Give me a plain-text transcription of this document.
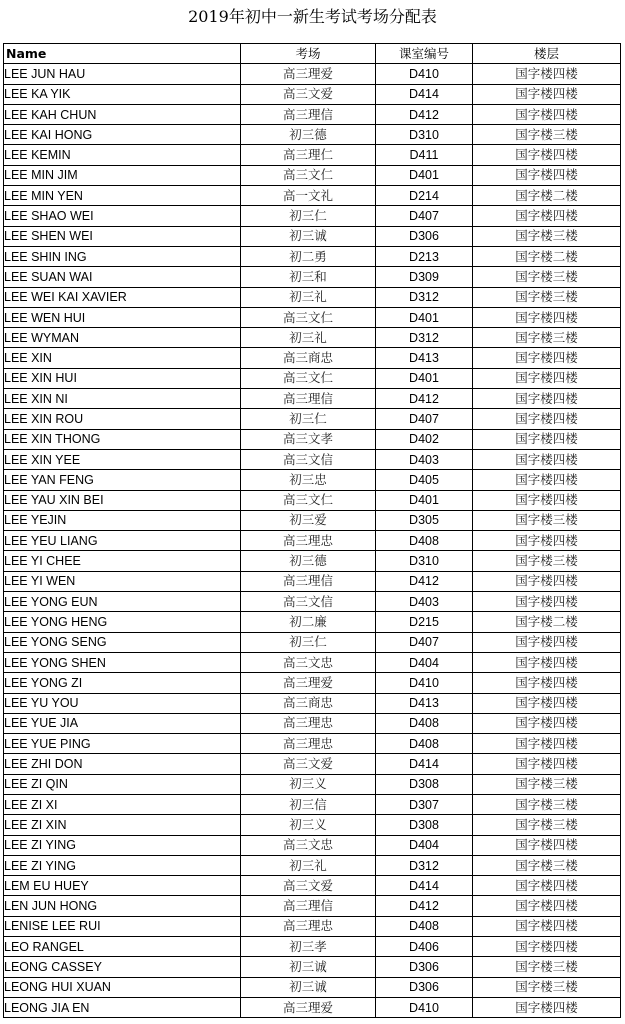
2019年初中一新生考试考场分配表
Name	考场	课室编号	楼层
LEE JUN HAU	高三理爱	D410	国字楼四楼
LEE KA YIK	高三文爱	D414	国字楼四楼
LEE KAH CHUN	高三理信	D412	国字楼四楼
LEE KAI HONG	初三德	D310	国字楼三楼
LEE KEMIN	高三理仁	D411	国字楼四楼
LEE MIN JIM	高三文仁	D401	国字楼四楼
LEE MIN YEN	高一文礼	D214	国字楼二楼
LEE SHAO WEI	初三仁	D407	国字楼四楼
LEE SHEN WEI	初三诚	D306	国字楼三楼
LEE SHIN ING	初二勇	D213	国字楼二楼
LEE SUAN WAI	初三和	D309	国字楼三楼
LEE WEI KAI XAVIER	初三礼	D312	国字楼三楼
LEE WEN HUI	高三文仁	D401	国字楼四楼
LEE WYMAN	初三礼	D312	国字楼三楼
LEE XIN	高三商忠	D413	国字楼四楼
LEE XIN HUI	高三文仁	D401	国字楼四楼
LEE XIN NI	高三理信	D412	国字楼四楼
LEE XIN ROU	初三仁	D407	国字楼四楼
LEE XIN THONG	高三文孝	D402	国字楼四楼
LEE XIN YEE	高三文信	D403	国字楼四楼
LEE YAN FENG	初三忠	D405	国字楼四楼
LEE YAU XIN BEI	高三文仁	D401	国字楼四楼
LEE YEJIN	初三爱	D305	国字楼三楼
LEE YEU LIANG	高三理忠	D408	国字楼四楼
LEE YI CHEE	初三德	D310	国字楼三楼
LEE YI WEN	高三理信	D412	国字楼四楼
LEE YONG EUN	高三文信	D403	国字楼四楼
LEE YONG HENG	初二廉	D215	国字楼二楼
LEE YONG SENG	初三仁	D407	国字楼四楼
LEE YONG SHEN	高三文忠	D404	国字楼四楼
LEE YONG ZI	高三理爱	D410	国字楼四楼
LEE YU YOU	高三商忠	D413	国字楼四楼
LEE YUE JIA	高三理忠	D408	国字楼四楼
LEE YUE PING	高三理忠	D408	国字楼四楼
LEE ZHI DON	高三文爱	D414	国字楼四楼
LEE ZI QIN	初三义	D308	国字楼三楼
LEE ZI XI	初三信	D307	国字楼三楼
LEE ZI XIN	初三义	D308	国字楼三楼
LEE ZI YING	高三文忠	D404	国字楼四楼
LEE ZI YING	初三礼	D312	国字楼三楼
LEM EU HUEY	高三文爱	D414	国字楼四楼
LEN JUN HONG	高三理信	D412	国字楼四楼
LENISE LEE RUI	高三理忠	D408	国字楼四楼
LEO RANGEL	初三孝	D406	国字楼四楼
LEONG CASSEY	初三诚	D306	国字楼三楼
LEONG HUI XUAN	初三诚	D306	国字楼三楼
LEONG JIA EN	高三理爱	D410	国字楼四楼
